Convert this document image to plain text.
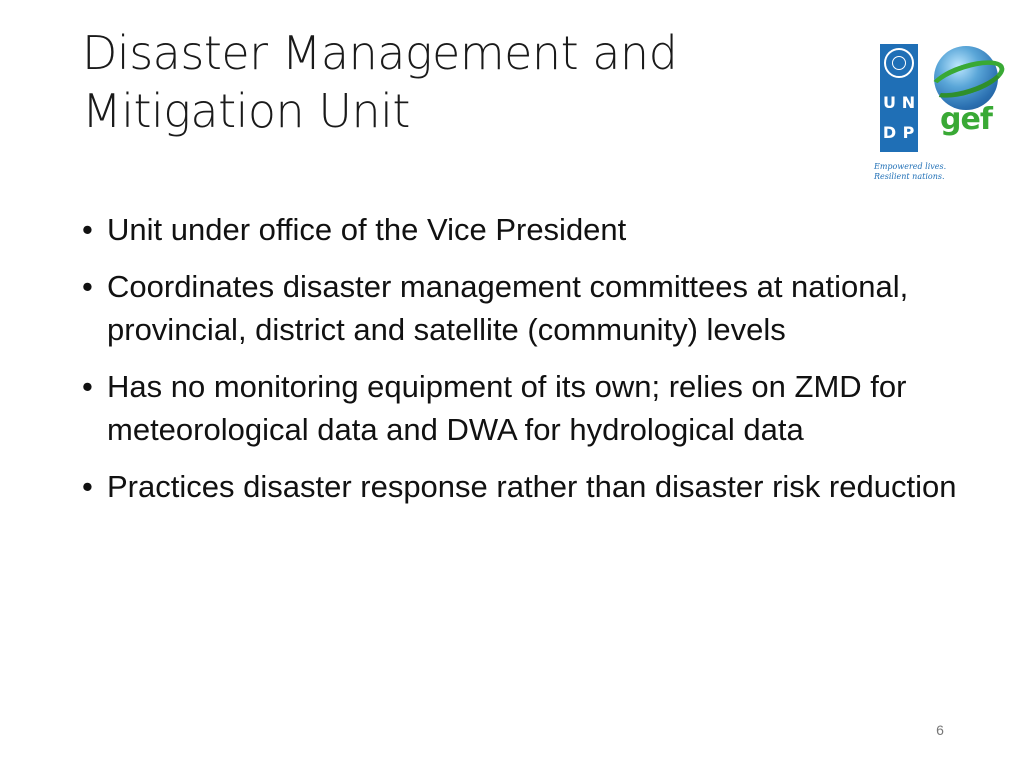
Disaster Management and
Mitigation Unit	U N
D P gef
Empowered lives.
Resilient nations.
• Unit under office of the Vice President
• Coordinates disaster management committees at national, provincial, district and satellite (community) levels
• Has no monitoring equipment of its own; relies on ZMD for meteorological data and DWA for hydrological data
• Practices disaster response rather than disaster risk reduction
6
